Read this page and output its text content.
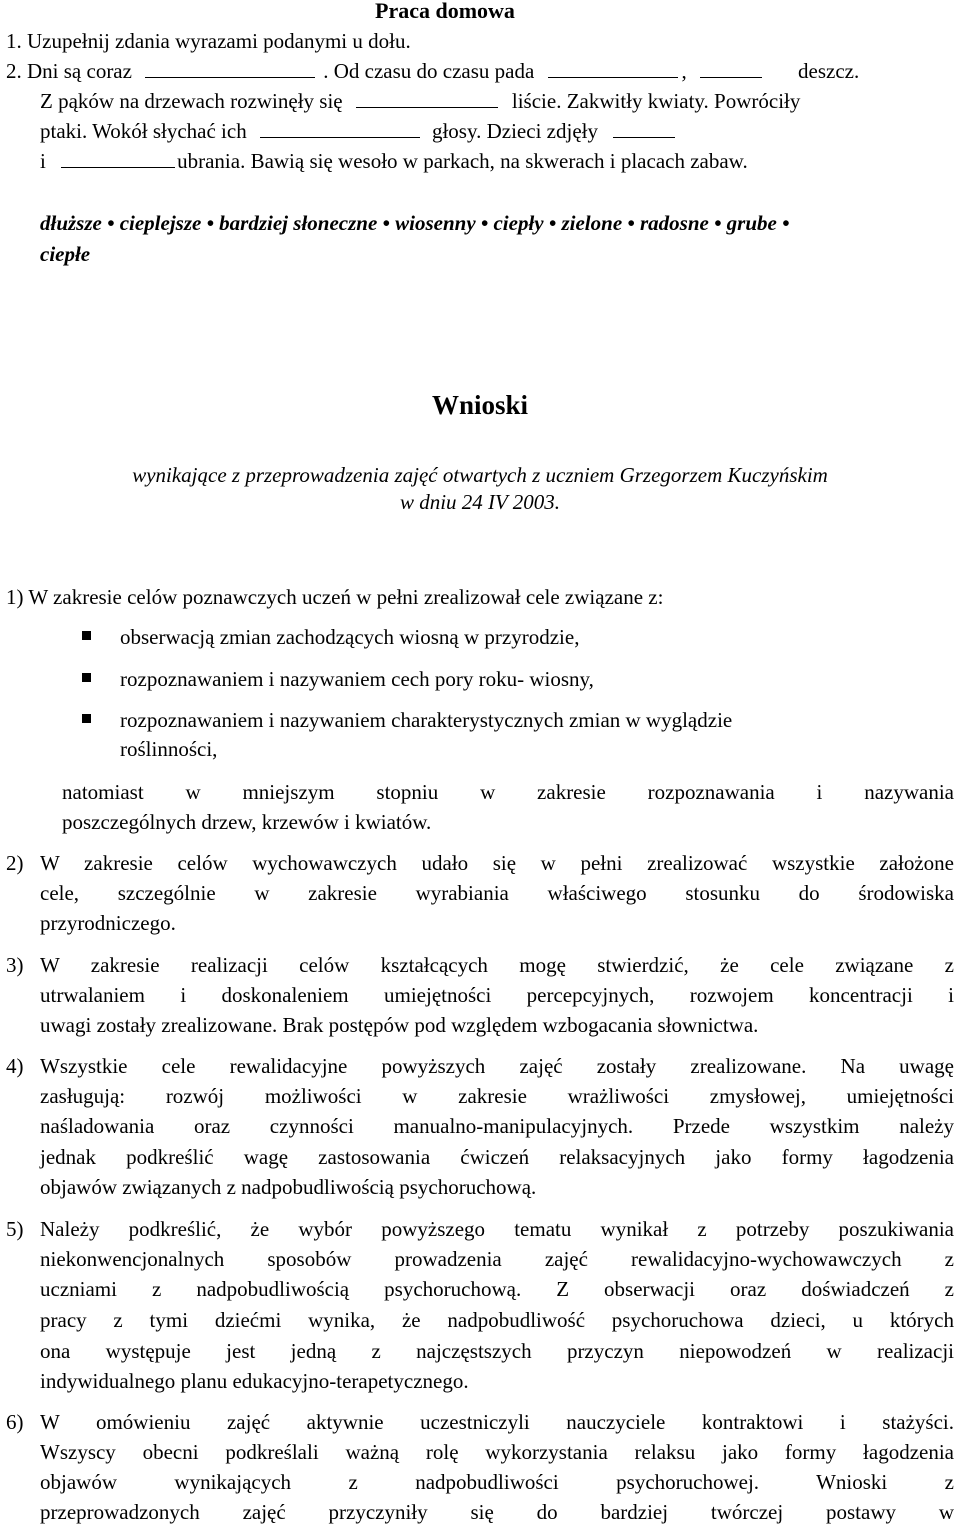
Praca domowa
1. Uzupełnij zdania wyrazami podanymi u dołu.
2. Dni są coraz	. Od czasu do czasu pada	,	deszcz.
Z pąków na drzewach rozwinęły się	liście. Zakwitły kwiaty. Powróciły
ptaki. Wokół słychać ich	głosy. Dzieci zdjęły
i	ubrania. Bawią się wesoło w parkach, na skwerach i placach zabaw.
dłuższe • cieplejsze • bardziej słoneczne • wiosenny • ciepły • zielone • radosne • grube •
ciepłe
Wnioski
wynikające z przeprowadzenia zajęć otwartych z uczniem Grzegorzem Kuczyńskim
w dniu 24 IV 2003.
1) W zakresie celów poznawczych uczeń w pełni zrealizował cele związane z:
obserwacją zmian zachodzących wiosną w przyrodzie,
rozpoznawaniem i nazywaniem cech pory roku- wiosny,
rozpoznawaniem i nazywaniem charakterystycznych zmian w wyglądzie
roślinności,

natomiast w mniejszym stopniu w zakresie rozpoznawania i nazywania

poszczególnych drzew, krzewów i kwiatów.
2) W zakresie celów wychowawczych udało się w pełni zrealizować wszystkie założone

cele, szczególnie w zakresie wyrabiania właściwego stosunku do środowiska

przyrodniczego.
3) W zakresie realizacji celów kształcących mogę stwierdzić, że cele związane z

utrwalaniem i doskonaleniem umiejętności percepcyjnych, rozwojem koncentracji i

uwagi zostały zrealizowane. Brak postępów pod względem wzbogacania słownictwa.
4) Wszystkie cele rewalidacyjne powyższych zajęć zostały zrealizowane. Na uwagę

zasługują: rozwój możliwości w zakresie wrażliwości zmysłowej, umiejętności

naśladowania oraz czynności manualno-manipulacyjnych. Przede wszystkim należy

jednak podkreślić wagę zastosowania ćwiczeń relaksacyjnych jako formy łagodzenia

objawów związanych z nadpobudliwością psychoruchową.
5) Należy podkreślić, że wybór powyższego tematu wynikał z potrzeby poszukiwania

niekonwencjonalnych sposobów prowadzenia zajęć rewalidacyjno-wychowawczych z

uczniami z nadpobudliwością psychoruchową. Z obserwacji oraz doświadczeń z

pracy z tymi dziećmi wynika, że nadpobudliwość psychoruchowa dzieci, u których

ona występuje jest jedną z najczęstszych przyczyn niepowodzeń w realizacji

indywidualnego planu edukacyjno-terapetycznego.
6) W omówieniu zajęć aktywnie uczestniczyli nauczyciele kontraktowi i stażyści.

Wszyscy obecni podkreślali ważną rolę wykorzystania relaksu jako formy łagodzenia

objawów wynikających z nadpobudliwości psychoruchowej. Wnioski z

przeprowadzonych zajęć przyczyniły się do bardziej twórczej postawy w
